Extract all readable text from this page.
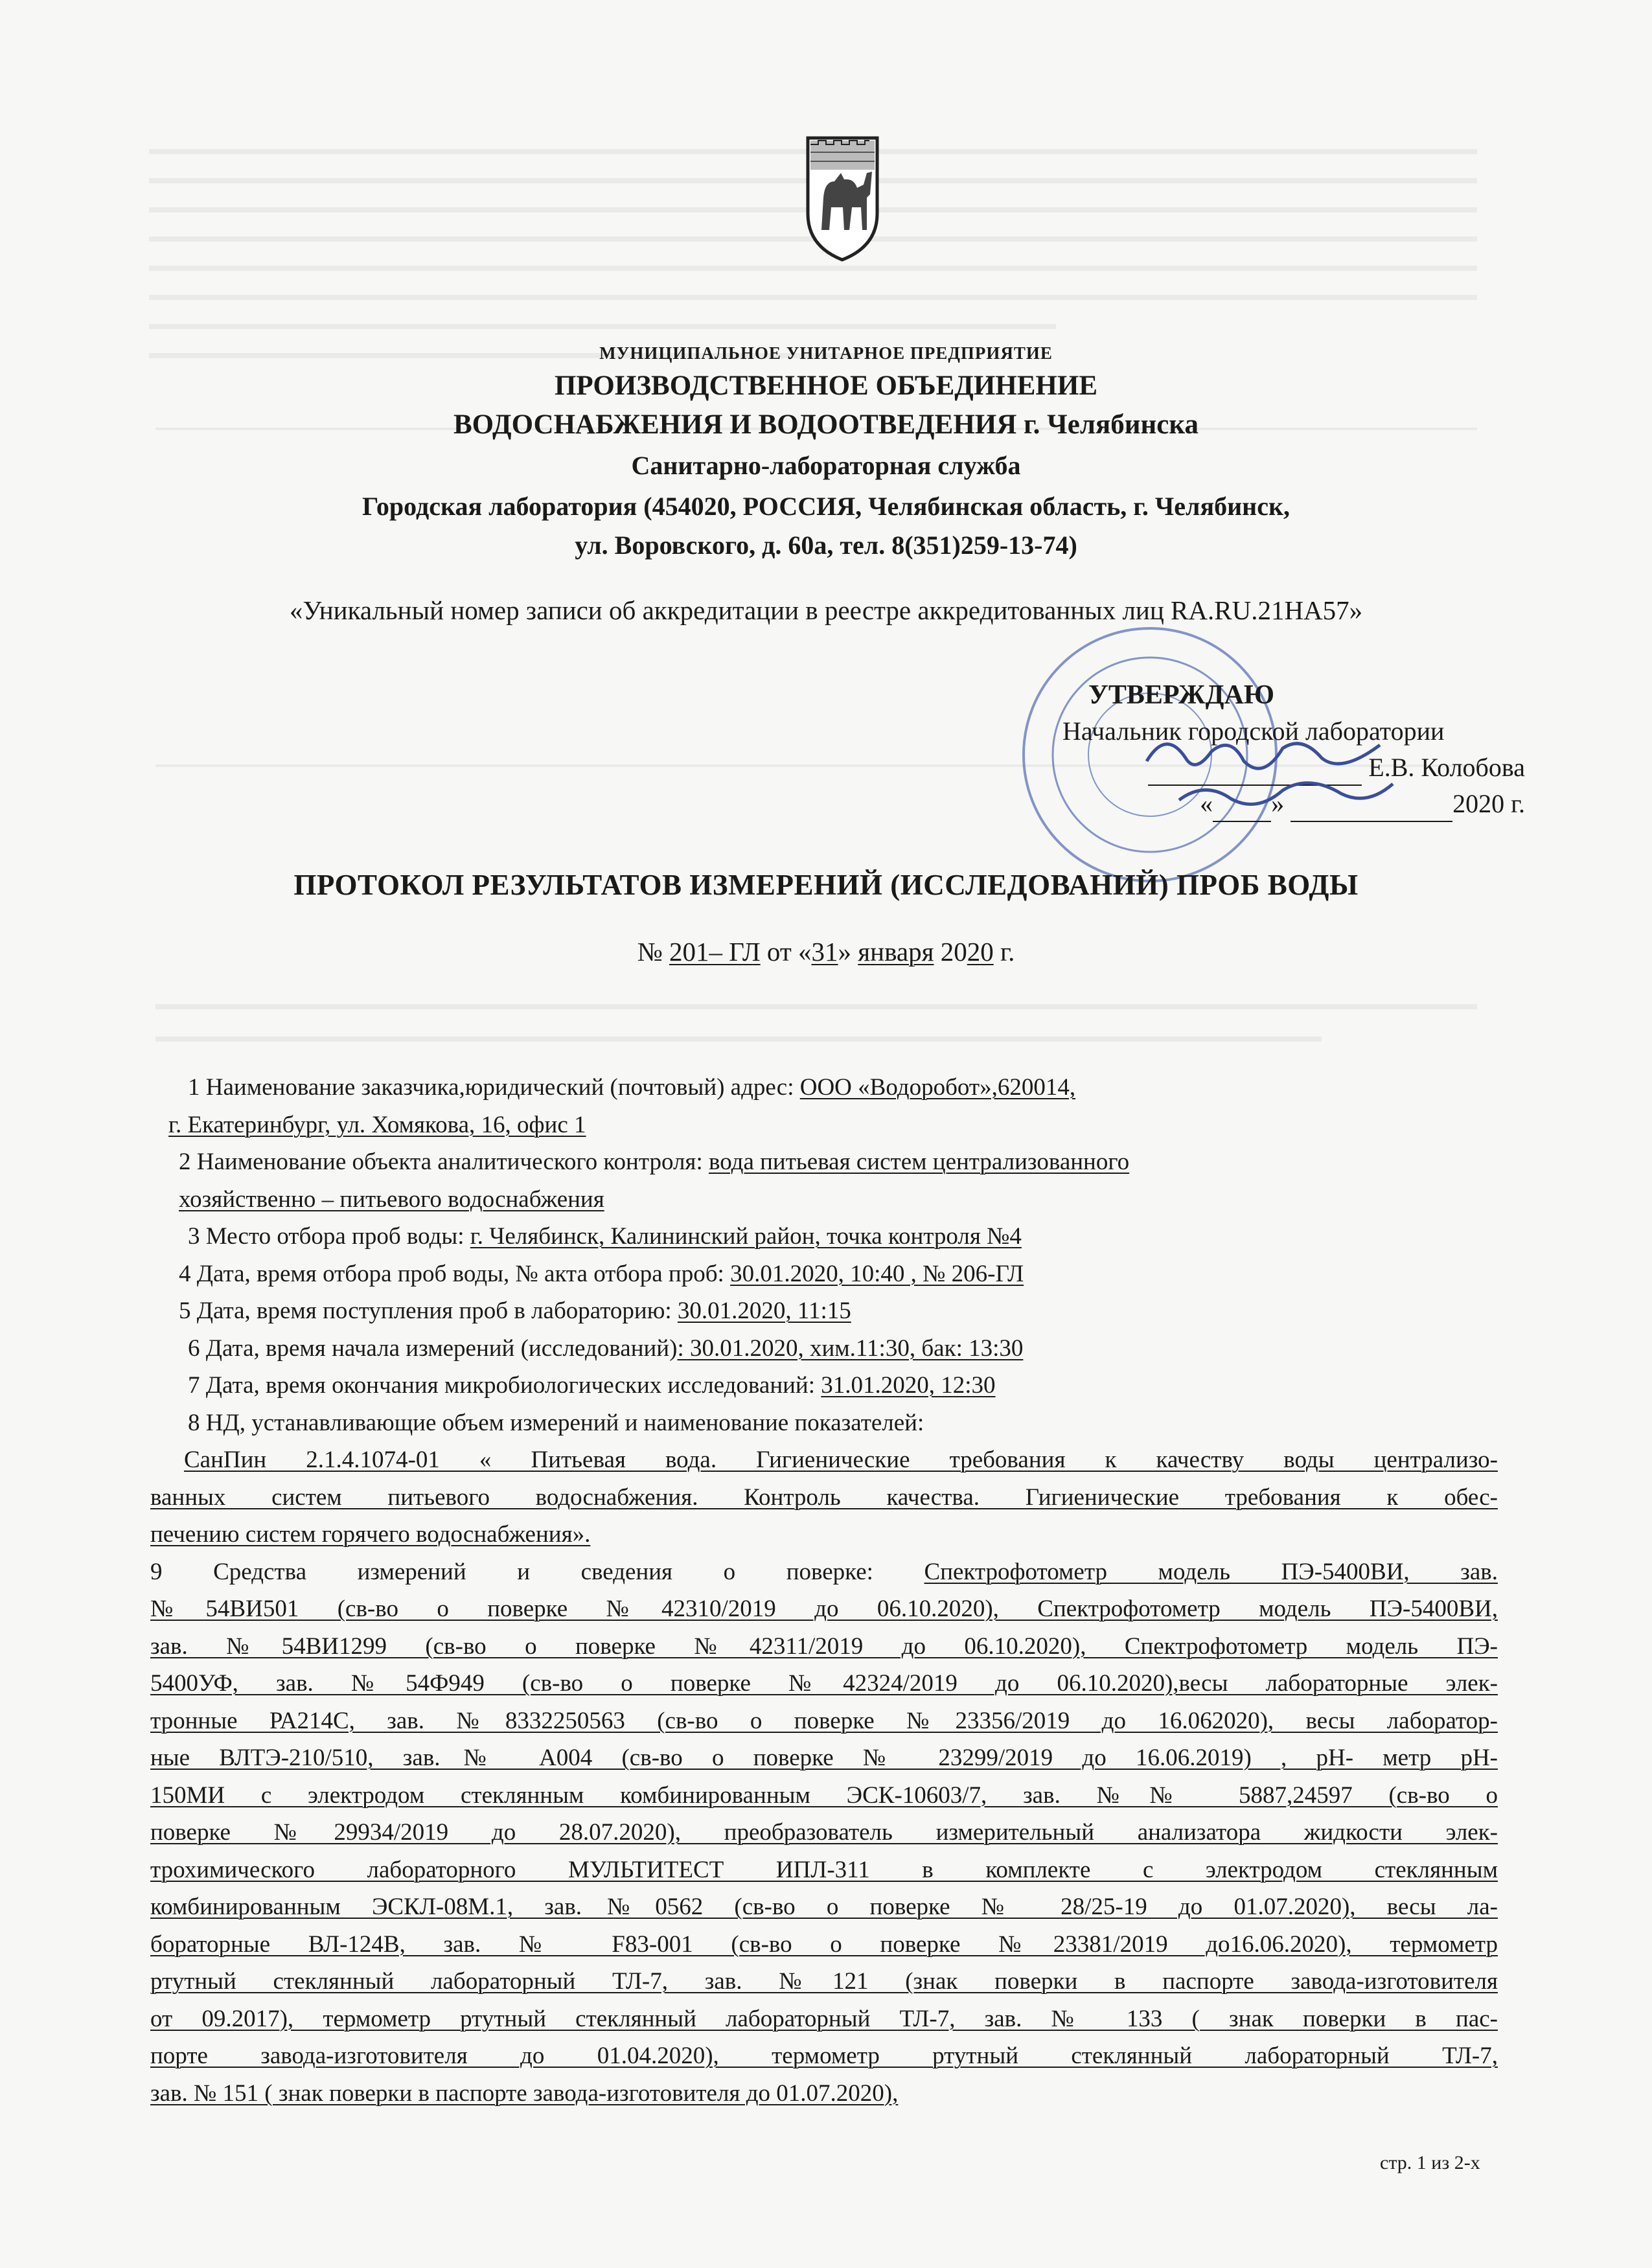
МУНИЦИПАЛЬНОЕ УНИТАРНОЕ ПРЕДПРИЯТИЕ
ПРОИЗВОДСТВЕННОЕ ОБЪЕДИНЕНИЕ
ВОДОСНАБЖЕНИЯ И ВОДООТВЕДЕНИЯ г. Челябинска
Санитарно-лабораторная служба
Городская лаборатория (454020, РОССИЯ, Челябинская область, г. Челябинск,
ул. Воровского, д. 60а, тел. 8(351)259-13-74)
«Уникальный номер записи об аккредитации в реестре аккредитованных лиц RA.RU.21НА57»
УТВЕРЖДАЮ
Начальник городской лаборатории
Е.В. Колобова
« »	2020 г.
ПРОТОКОЛ РЕЗУЛЬТАТОВ ИЗМЕРЕНИЙ (ИССЛЕДОВАНИЙ) ПРОБ ВОДЫ
№ 201– ГЛ от «31» января 2020 г.

1 Наименование заказчика,юридический (почтовый) адрес: ООО «Водоробот»,620014,

г. Екатеринбург, ул. Хомякова, 16, офис 1

2 Наименование объекта аналитического контроля: вода питьевая систем централизованного

хозяйственно – питьевого водоснабжения

3 Место отбора проб воды: г. Челябинск, Калининский район, точка контроля №4

4 Дата, время отбора проб воды, № акта отбора проб: 30.01.2020, 10:40 , № 206-ГЛ

5 Дата, время поступления проб в лабораторию: 30.01.2020, 11:15

6 Дата, время начала измерений (исследований): 30.01.2020, хим.11:30, бак: 13:30

7 Дата, время окончания микробиологических исследований: 31.01.2020, 12:30

8 НД, устанавливающие объем измерений и наименование показателей:

СанПин 2.1.4.1074-01 « Питьевая вода. Гигиенические требования к качеству воды централизо-

ванных систем питьевого водоснабжения. Контроль качества. Гигиенические требования к обес-

печению систем горячего водоснабжения».

9 Средства измерений и сведения о поверке: Спектрофотометр модель ПЭ-5400ВИ, зав.

№54ВИ501 (св-во о поверке №42310/2019 до 06.10.2020), Спектрофотометр модель ПЭ-5400ВИ,

зав. №54ВИ1299 (св-во о поверке №42311/2019 до 06.10.2020), Спектрофотометр модель ПЭ-

5400УФ, зав. №54Ф949 (св-во о поверке №42324/2019 до 06.10.2020),весы лабораторные элек-

тронные РА214С, зав. №8332250563 (св-во о поверке №23356/2019 до 16.062020), весы лаборатор-

ные ВЛТЭ-210/510, зав.№ А004 (св-во о поверке № 23299/2019 до 16.06.2019) , рН- метр рН-

150МИ с электродом стеклянным комбинированным ЭСК-10603/7, зав. №№ 5887,24597 (св-во о

поверке №29934/2019 до 28.07.2020), преобразователь измерительный анализатора жидкости элек-

трохимического лабораторного МУЛЬТИТЕСТ ИПЛ-311 в комплекте с электродом стеклянным

комбинированным ЭСКЛ-08М.1, зав.№0562 (св-во о поверке № 28/25-19 до 01.07.2020), весы ла-

бораторные ВЛ-124В, зав. № F83-001 (св-во о поверке №23381/2019 до16.06.2020), термометр

ртутный стеклянный лабораторный ТЛ-7, зав. №121 (знак поверки в паспорте завода-изготовителя

от 09.2017), термометр ртутный стеклянный лабораторный ТЛ-7, зав. № 133 ( знак поверки в пас-

порте завода-изготовителя до 01.04.2020), термометр ртутный стеклянный лабораторный ТЛ-7,

зав. № 151 ( знак поверки в паспорте завода-изготовителя до 01.07.2020),

стр. 1 из 2-х
